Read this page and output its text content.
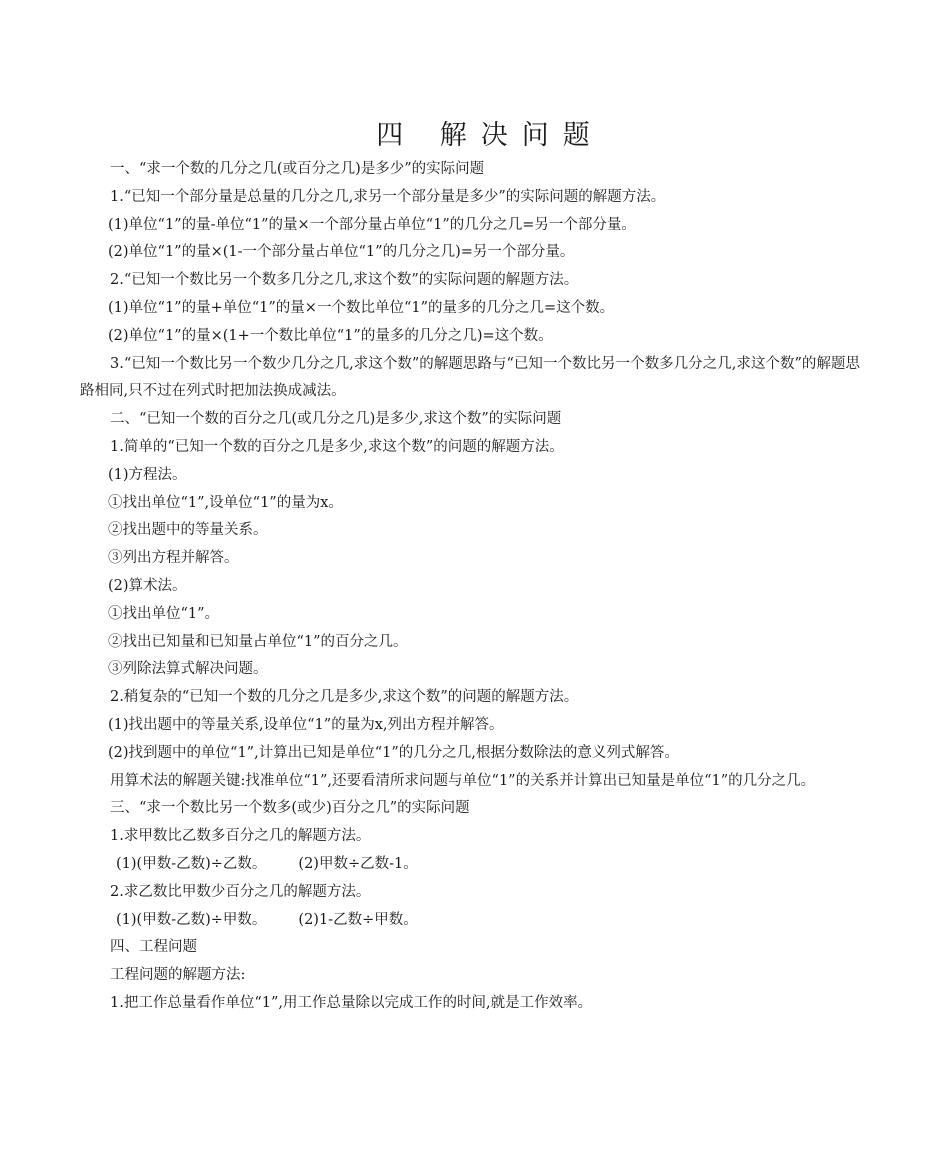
四 解决问题
一、“求一个数的几分之几(或百分之几)是多少”的实际问题
1.“已知一个部分量是总量的几分之几,求另一个部分量是多少”的实际问题的解题方法。
(1)单位“1”的量-单位“1”的量×一个部分量占单位“1”的几分之几=另一个部分量。
(2)单位“1”的量×(1-一个部分量占单位“1”的几分之几)=另一个部分量。
2.“已知一个数比另一个数多几分之几,求这个数”的实际问题的解题方法。
(1)单位“1”的量+单位“1”的量×一个数比单位“1”的量多的几分之几=这个数。
(2)单位“1”的量×(1+一个数比单位“1”的量多的几分之几)=这个数。
3.“已知一个数比另一个数少几分之几,求这个数”的解题思路与“已知一个数比另一个数多几分之几,求这个数”的解题思路相同,只不过在列式时把加法换成减法。
二、“已知一个数的百分之几(或几分之几)是多少,求这个数”的实际问题
1.简单的“已知一个数的百分之几是多少,求这个数”的问题的解题方法。
(1)方程法。
①找出单位“1”,设单位“1”的量为x。
②找出题中的等量关系。
③列出方程并解答。
(2)算术法。
①找出单位“1”。
②找出已知量和已知量占单位“1”的百分之几。
③列除法算式解决问题。
2.稍复杂的“已知一个数的几分之几是多少,求这个数”的问题的解题方法。
(1)找出题中的等量关系,设单位“1”的量为x,列出方程并解答。
(2)找到题中的单位“1”,计算出已知是单位“1”的几分之几,根据分数除法的意义列式解答。
用算术法的解题关键:找准单位“1”,还要看清所求问题与单位“1”的关系并计算出已知量是单位“1”的几分之几。
三、“求一个数比另一个数多(或少)百分之几”的实际问题
1.求甲数比乙数多百分之几的解题方法。
(1)(甲数-乙数)÷乙数。 (2)甲数÷乙数-1。
2.求乙数比甲数少百分之几的解题方法。
(1)(甲数-乙数)÷甲数。 (2)1-乙数÷甲数。
四、工程问题
工程问题的解题方法:
1.把工作总量看作单位“1”,用工作总量除以完成工作的时间,就是工作效率。
